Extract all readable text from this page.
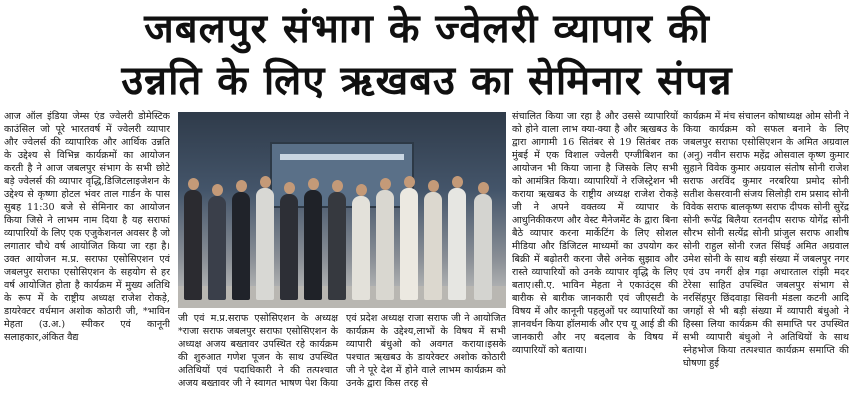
जबलपुर संभाग के ज्वेलरी व्यापार की
उन्नति के लिए ऋखबउ का सेमिनार संपन्न
आज ऑल इंडिया जेम्स एंड ज्वेलरी डोमेस्टिक काउंसिल जो पूरे भारतवर्ष में ज्वेलरी व्यापार और ज्वेलर्स की व्यापारिक और आर्थिक उन्नति के उद्देश्य से विभिन्न कार्यक्रमों का आयोजन करती है ने आज जबलपुर संभाग के सभी छोटे बड़े ज्वेलर्स की व्यापार वृद्धि,डिजिटलाइजेशन के उद्देश्य से कृष्णा होटल भंवर ताल गार्डन के पास सुबह 11:30 बजे से सेमिनार का आयोजन किया जिसे ने लाभम नाम दिया है यह सराफां व्यापारियों के लिए एक एजुकेशनल अवसर है जो लगातार चौथे वर्ष आयोजित किया जा रहा है। उक्त आयोजन म.प्र. सराफा एसोसिएशन एवं जबलपुर सराफा एसोसिएशन के सहयोग से हर वर्ष आयोजित होता है कार्यक्रम में मुख्य अतिथि के रूप में के राष्ट्रीय अध्यक्ष राजेश रोकड़े, डायरेक्टर वर्धमान अशोक कोठारी जी, *भाविन मेहता (उ.अ.) स्पीकर एवं कानूनी सलाहकार,अंकित वैद्य
जी एवं म.प्र.सराफ एसोसिएशन के अध्यक्ष *राजा सराफ जबलपुर सराफा एसोसिएशन के अध्यक्ष अजय बख्तावर उपस्थित रहे कार्यक्रम की शुरुआत गणेश पूजन के साथ उपस्थित अतिथियों एवं पदाधिकारी ने की तत्पश्चात अजय बख्तावर जी ने स्वागत भाषण पेश किया एवं प्रदेश अध्यक्ष राजा सराफ जी ने आयोजित कार्यक्रम के उद्देश्य,लाभों के विषय में सभी व्यापारी बंधुओ को अवगत कराया।इसके पश्चात ऋखबउ के डायरेक्टर अशोक कोठारी जी ने पूरे देश में होने वाले लाभम कार्यक्रम को उनके द्वारा किस तरह से
संचालित किया जा रहा है और उससे व्यापारियों को होने वाला लाभ क्या-क्या है और ऋखबउ के द्वारा आगामी 16 सितंबर से 19 सितंबर तक मुंबई में एक विशाल ज्वेलरी एग्जीबिशन का आयोजन भी किया जाना है जिसके लिए सभी को आमंत्रित किया। व्यापारियों ने रजिस्ट्रेशन भी कराया ऋखबउ के राष्ट्रीय अध्यक्ष राजेश रोकड़े जी ने अपने वक्तव्य में व्यापार के आधुनिकीकरण और वेस्ट मैनेजमेंट के द्वारा बिना बैठे व्यापार करना मार्केटिंग के लिए सोशल मीडिया और डिजिटल माध्यमों का उपयोग कर बिक्री में बढ़ोतरी करना जैसे अनेक सुझाव और रास्ते व्यापारियों को उनके व्यापार वृद्धि के लिए बताए।सी.ए. भाविन मेहता ने एकाउंट्स की बारीक से बारीक जानकारी एवं जीएसटी के विषय में और कानूनी पहलुओं पर व्यापारियों का ज्ञानवर्धन किया हॉलमार्क और एच यू आई डी की जानकारी और नए बदलाव के विषय में व्यापारियों को बताया।
कार्यक्रम में मंच संचालन कोषाध्यक्ष ओम सोनी ने किया कार्यक्रम को सफल बनाने के लिए जबलपुर सराफा एसोसिएशन के अमित अग्रवाल (अनु) नवीन सराफ महेंद्र ओसवाल कृष्ण कुमार सुहाने विवेक कुमार अग्रवाल संतोष सोनी राजेश सराफ अरविंद कुमार नरबरिया प्रमोद सोनी सतीश केसरवानी संजय सिलोड़ी राम प्रसाद सोनी विवेक सराफ बालकृष्ण सराफ दीपक सोनी सुरेंद्र सोनी रूपेंद्र बिलैया रतनदीप सराफ योगेंद्र सोनी सौरभ सोनी सत्येंद्र सोनी प्रांजुल सराफ आशीष सोनी राहुल सोनी रजत सिंघई अमित अग्रवाल उमेश सोनी के साथ बड़ी संख्या में जबलपुर नगर एवं उप नगरीं क्षेत्र गढ़ा अधारताल रांझी मदर टेरेसा साहित उपस्थित जबलपुर संभाग से नरसिंहपुर छिंदवाड़ा सिवनी मंडला कटनी आदि जगहों से भी बड़ी संख्या में व्यापारी बंधुओ ने हिस्सा लिया कार्यक्रम की समाप्ति पर उपस्थित सभी व्यापारी बंधुओ ने अतिथियों के साथ स्नेहभोज किया तत्पश्चात कार्यक्रम समाप्ति की घोषणा हुई
